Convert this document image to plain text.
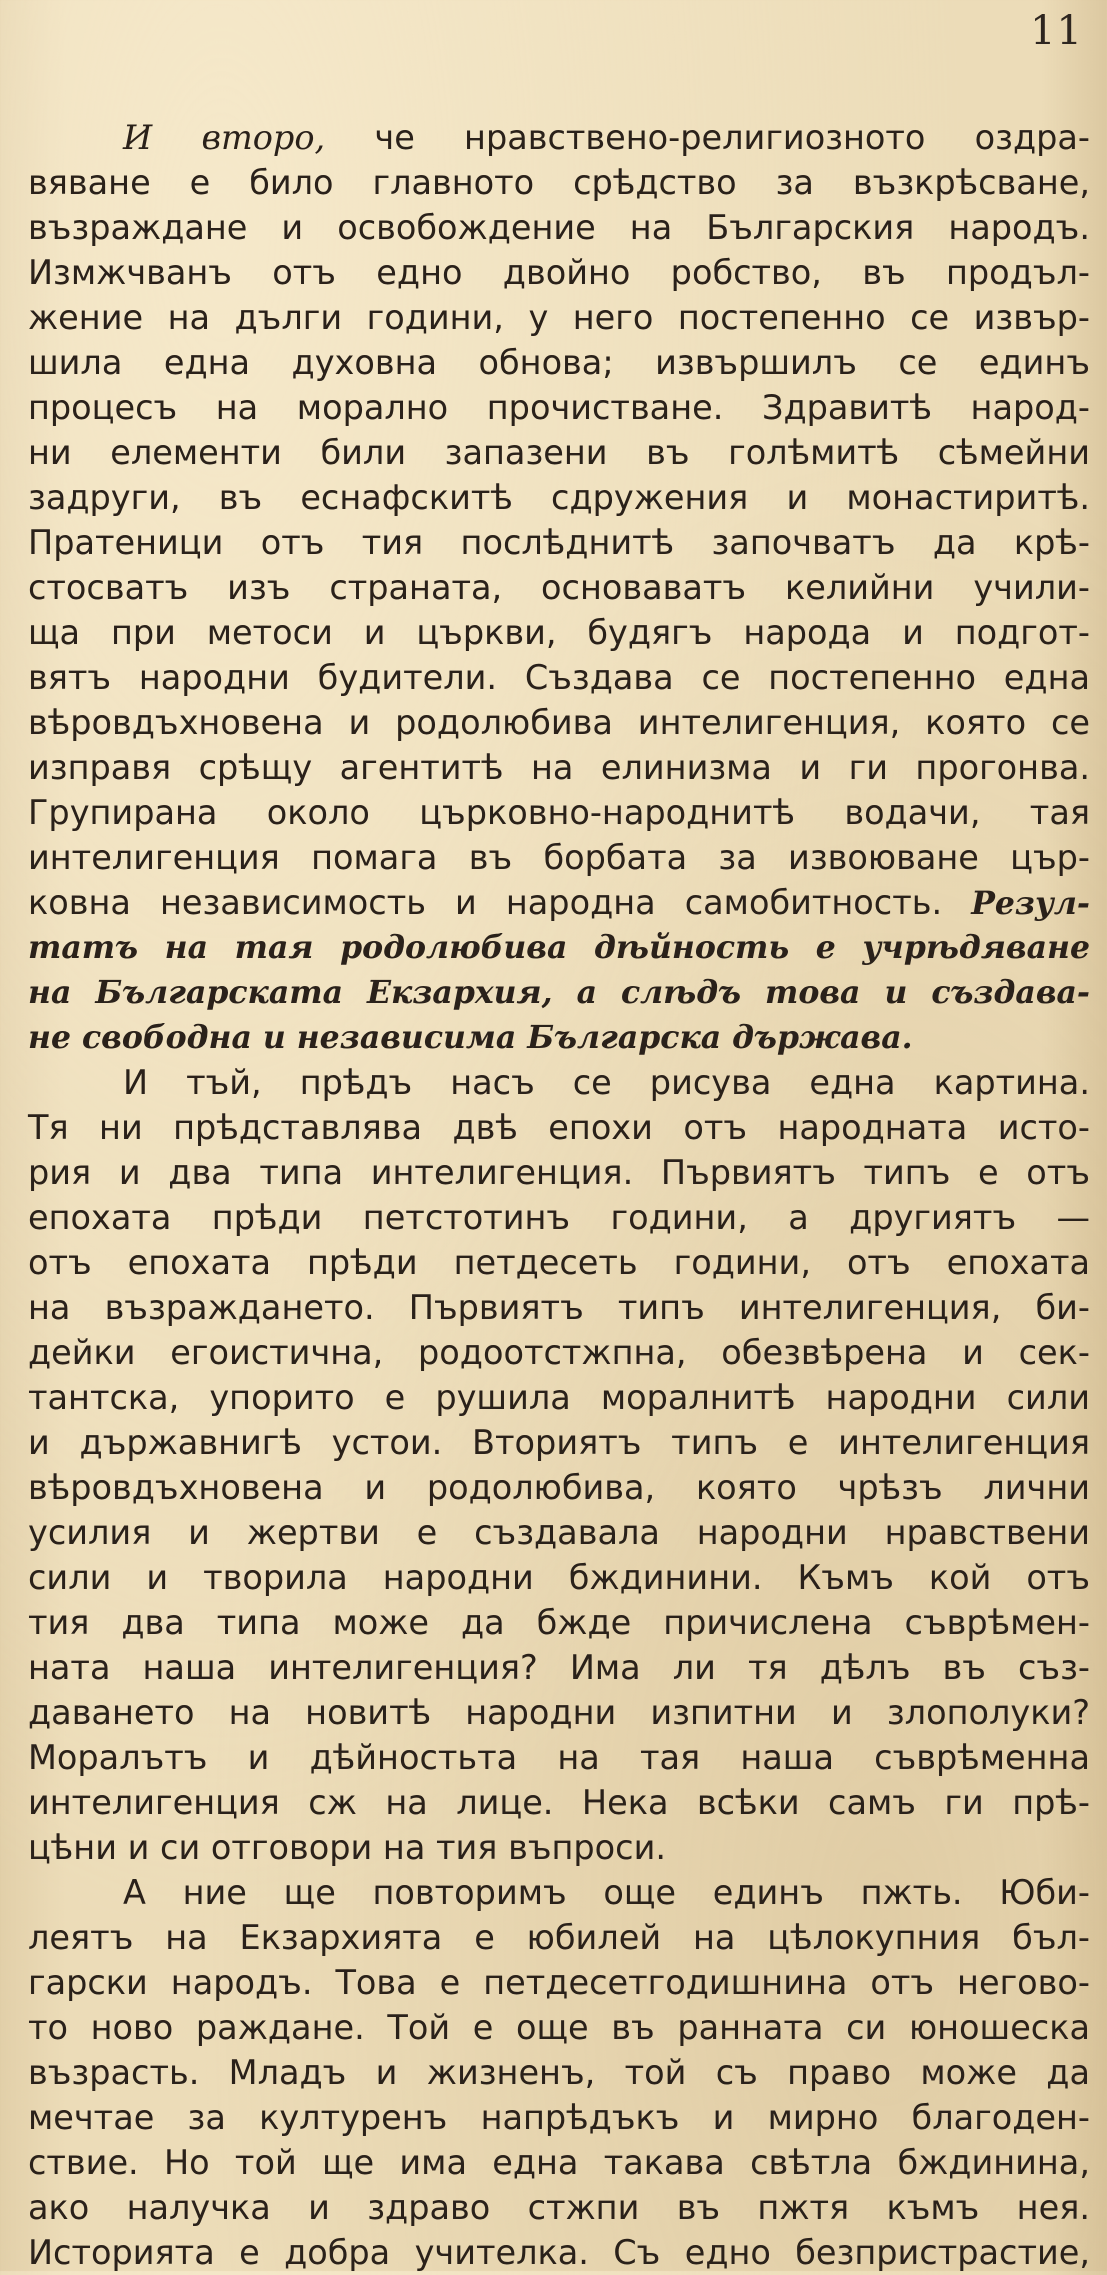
11
И второ, че нравствено-религиозното оздра-
вяване е било главното срѣдство за възкрѣсване,
възраждане и освобождение на Българския народъ.
Измжчванъ отъ едно двойно робство, въ продъл-
жение на дълги години, у него постепенно се извър-
шила една духовна обнова; извършилъ се единъ
процесъ на морално прочистване. Здравитѣ народ-
ни елементи били запазени въ голѣмитѣ сѣмейни
задруги, въ еснафскитѣ сдружения и монастиритѣ.
Пратеници отъ тия послѣднитѣ започватъ да крѣ-
стосватъ изъ страната, основаватъ келийни учили-
ща при метоси и църкви, будягъ народа и подгот-
вятъ народни будители. Създава се постепенно една
вѣровдъхновена и родолюбива интелигенция, която се
изправя срѣщу агентитѣ на елинизма и ги прогонва.
Групирана около църковно-народнитѣ водачи, тая
интелигенция помага въ борбата за извоюване цър-
ковна независимость и народна самобитность. Резул-
татъ на тая родолюбива дѣйность е учрѣдяване
на Българската Екзархия, а слѣдъ това и създава-
не свободна и независима Българска държава.
И тъй, прѣдъ насъ се рисува една картина.
Тя ни прѣдставлява двѣ епохи отъ народната исто-
рия и два типа интелигенция. Първиятъ типъ е отъ
епохата прѣди петстотинъ години, а другиятъ —
отъ епохата прѣди петдесеть години, отъ епохата
на възраждането. Първиятъ типъ интелигенция, би-
дейки егоистична, родоотстжпна, обезвѣрена и сек-
тантска, упорито е рушила моралнитѣ народни сили
и държавнигѣ устои. Вториятъ типъ е интелигенция
вѣровдъхновена и родолюбива, която чрѣзъ лични
усилия и жертви е създавала народни нравствени
сили и творила народни бждинини. Къмъ кой отъ
тия два типа може да бжде причислена съврѣмен-
ната наша интелигенция? Има ли тя дѣлъ въ съз-
даването на новитѣ народни изпитни и злополуки?
Моралътъ и дѣйностьта на тая наша съврѣменна
интелигенция сж на лице. Нека всѣки самъ ги прѣ-
цѣни и си отговори на тия въпроси.
А ние ще повторимъ още единъ пжть. Юби-
леятъ на Екзархията е юбилей на цѣлокупния бъл-
гарски народъ. Това е петдесетгодишнина отъ негово-
то ново раждане. Той е още въ ранната си юношеска
възрасть. Младъ и жизненъ, той съ право може да
мечтае за културенъ напрѣдъкъ и мирно благоден-
ствие. Но той ще има една такава свѣтла бждинина,
ако налучка и здраво стжпи въ пжтя къмъ нея.
Историята е добра учителка. Съ едно безпристрастие,
